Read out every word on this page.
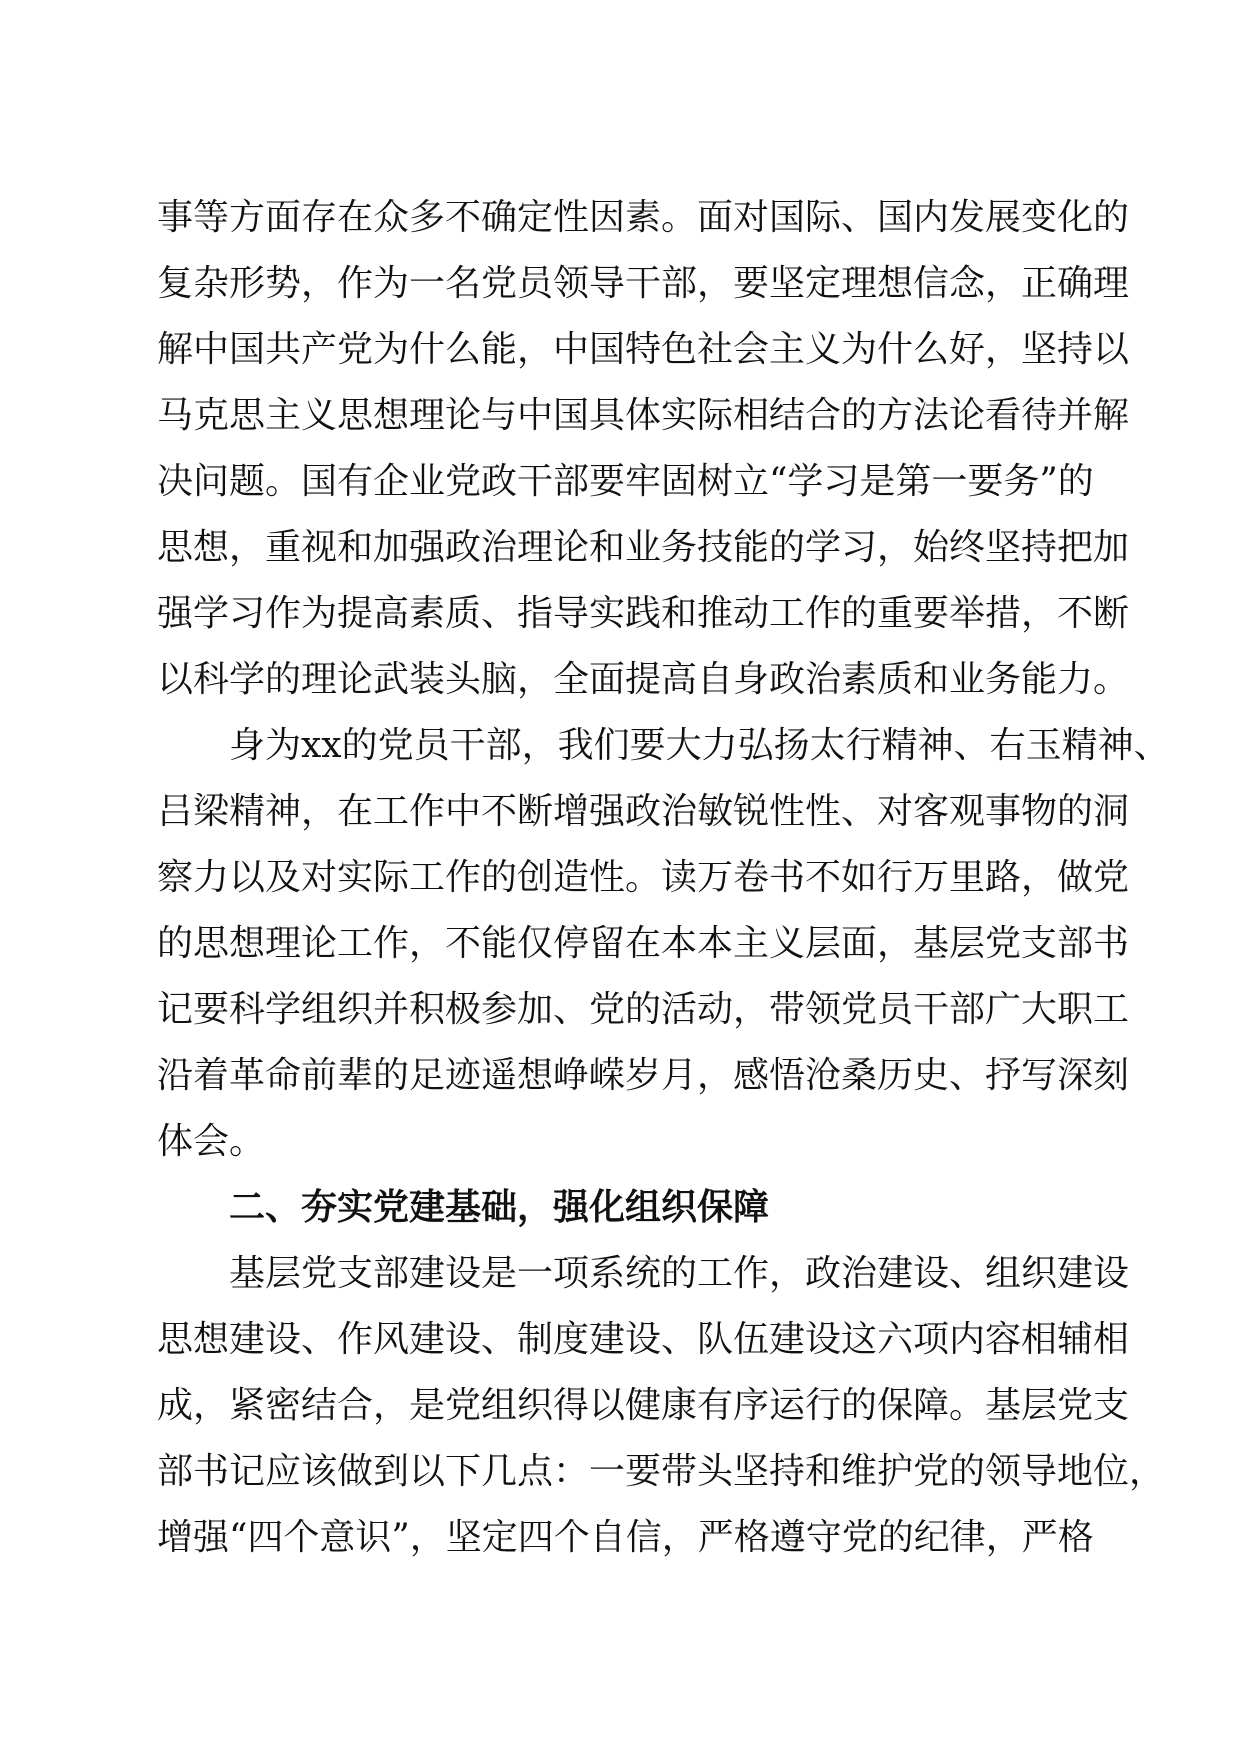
事等方面存在众多不确定性因素。面对国际、国内发展变化的
复杂形势，作为一名党员领导干部，要坚定理想信念，正确理
解中国共产党为什么能，中国特色社会主义为什么好，坚持以
马克思主义思想理论与中国具体实际相结合的方法论看待并解
决问题。国有企业党政干部要牢固树立“学习是第一要务”的
思想，重视和加强政治理论和业务技能的学习，始终坚持把加
强学习作为提高素质、指导实践和推动工作的重要举措，不断
以科学的理论武装头脑，全面提高自身政治素质和业务能力。
身为xx的党员干部，我们要大力弘扬太行精神、右玉精神、
吕梁精神，在工作中不断增强政治敏锐性性、对客观事物的洞
察力以及对实际工作的创造性。读万卷书不如行万里路，做党
的思想理论工作，不能仅停留在本本主义层面，基层党支部书
记要科学组织并积极参加、党的活动，带领党员干部广大职工
沿着革命前辈的足迹遥想峥嵘岁月，感悟沧桑历史、抒写深刻
体会。
二、夯实党建基础，强化组织保障
基层党支部建设是一项系统的工作，政治建设、组织建设
思想建设、作风建设、制度建设、队伍建设这六项内容相辅相
成，紧密结合，是党组织得以健康有序运行的保障。基层党支
部书记应该做到以下几点：一要带头坚持和维护党的领导地位，
增强“四个意识”，坚定四个自信，严格遵守党的纪律，严格
